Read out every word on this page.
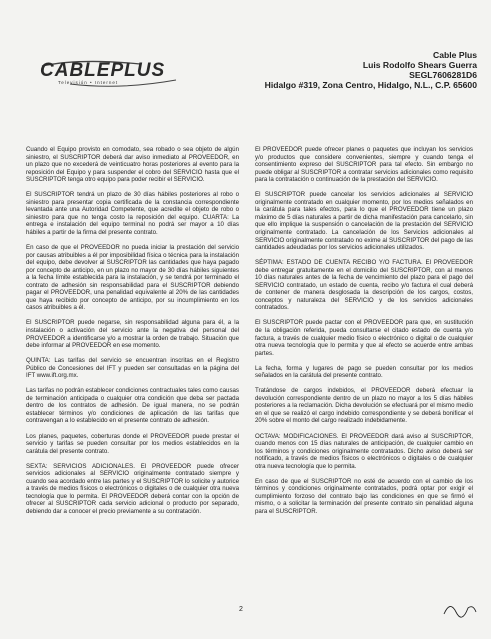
CABLEPLUS
Televisión • Internet
Cable Plus
Luis Rodolfo Shears Guerra
SEGL7606281D6
Hidalgo #319, Zona Centro, Hidalgo, N.L., C.P. 65600

Cuando el Equipo provisto en comodato, sea robado o sea objeto de algún siniestro, el SUSCRIPTOR deberá dar aviso inmediato al PROVEEDOR, en un plazo que no excederá de veinticuatro horas posteriores al evento para la reposición del Equipo y para suspender el cobro del SERVICIO hasta que el SUSCRIPTOR tenga otro equipo para poder recibir el SERVICIO.

El SUSCRIPTOR tendrá un plazo de 30 días hábiles posteriores al robo o siniestro para presentar copia certificada de la constancia correspondiente levantada ante una Autoridad Competente, que acredite el objeto de robo o siniestro para que no tenga costo la reposición del equipo. CUARTA: La entrega e instalación del equipo terminal no podrá ser mayor a 10 días hábiles a partir de la firma del presente contrato.

En caso de que el PROVEEDOR no pueda iniciar la prestación del servicio por causas atribuibles a él por imposibilidad física o técnica para la instalación del equipo, debe devolver al SUSCRIPTOR las cantidades que haya pagado por concepto de anticipo, en un plazo no mayor de 30 días hábiles siguientes a la fecha límite establecida para la instalación, y se tendrá por terminado el contrato de adhesión sin responsabilidad para el SUSCRIPTOR debiendo pagar el PROVEEDOR, una penalidad equivalente al 20% de las cantidades que haya recibido por concepto de anticipo, por su incumplimiento en los casos atribuibles a él.

El SUSCRIPTOR puede negarse, sin responsabilidad alguna para él, a la instalación o activación del servicio ante la negativa del personal del PROVEEDOR a identificarse y/o a mostrar la orden de trabajo. Situación que debe informar al PROVEEDOR en ese momento.

QUINTA: Las tarifas del servicio se encuentran inscritas en el Registro Público de Concesiones del IFT y pueden ser consultadas en la página del IFT www.ift.org.mx.

Las tarifas no podrán establecer condiciones contractuales tales como causas de terminación anticipada o cualquier otra condición que deba ser pactada dentro de los contratos de adhesión. De igual manera, no se podrán establecer términos y/o condiciones de aplicación de las tarifas que contravengan a lo establecido en el presente contrato de adhesión.

Los planes, paquetes, coberturas donde el PROVEEDOR puede prestar el servicio y tarifas se pueden consultar por los medios establecidos en la carátula del presente contrato.

SEXTA: SERVICIOS ADICIONALES. El PROVEEDOR puede ofrecer servicios adicionales al SERVICIO originalmente contratado siempre y cuando sea acordado entre las partes y el SUSCRIPTOR lo solicite y autorice a través de medios físicos o electrónicos o digitales o de cualquier otra nueva tecnología que lo permita. El PROVEEDOR deberá contar con la opción de ofrecer al SUSCRIPTOR cada servicio adicional o producto por separado, debiendo dar a conocer el precio previamente a su contratación.

El PROVEEDOR puede ofrecer planes o paquetes que incluyan los servicios y/o productos que considere convenientes, siempre y cuando tenga el consentimiento expreso del SUSCRIPTOR para tal efecto. Sin embargo no puede obligar al SUSCRIPTOR a contratar servicios adicionales como requisito para la contratación o continuación de la prestación del SERVICIO.

El SUSCRIPTOR puede cancelar los servicios adicionales al SERVICIO originalmente contratado en cualquier momento, por los medios señalados en la carátula para tales efectos, para lo que el PROVEEDOR tiene un plazo máximo de 5 días naturales a partir de dicha manifestación para cancelarlo, sin que ello implique la suspensión o cancelación de la prestación del SERVICIO originalmente contratado. La cancelación de los Servicios adicionales al SERVICIO originalmente contratado no exime al SUSCRIPTOR del pago de las cantidades adeudadas por los servicios adicionales utilizados.

SÉPTIMA: ESTADO DE CUENTA RECIBO Y/O FACTURA. El PROVEEDOR debe entregar gratuitamente en el domicilio del SUSCRIPTOR, con al menos 10 días naturales antes de la fecha de vencimiento del plazo para el pago del SERVICIO contratado, un estado de cuenta, recibo y/o factura el cual deberá de contener de manera desglosada la descripción de los cargos, costos, conceptos y naturaleza del SERVICIO y de los servicios adicionales contratados.

El SUSCRIPTOR puede pactar con el PROVEEDOR para que, en sustitución de la obligación referida, pueda consultarse el citado estado de cuenta y/o factura, a través de cualquier medio físico o electrónico o digital o de cualquier otra nueva tecnología que lo permita y que al efecto se acuerde entre ambas partes.

La fecha, forma y lugares de pago se pueden consultar por los medios señalados en la carátula del presente contrato.

Tratándose de cargos indebidos, el PROVEEDOR deberá efectuar la devolución correspondiente dentro de un plazo no mayor a los 5 días hábiles posteriores a la reclamación. Dicha devolución se efectuará por el mismo medio en el que se realizó el cargo indebido correspondiente y se deberá bonificar el 20% sobre el monto del cargo realizado indebidamente.

OCTAVA: MODIFICACIONES. El PROVEEDOR dará aviso al SUSCRIPTOR, cuando menos con 15 días naturales de anticipación, de cualquier cambio en los términos y condiciones originalmente contratados. Dicho aviso deberá ser notificado, a través de medios físicos o electrónicos o digitales o de cualquier otra nueva tecnología que lo permita.

En caso de que el SUSCRIPTOR no esté de acuerdo con el cambio de los términos y condiciones originalmente contratados, podrá optar por exigir el cumplimiento forzoso del contrato bajo las condiciones en que se firmó el mismo, o a solicitar la terminación del presente contrato sin penalidad alguna para el SUSCRIPTOR.

2
